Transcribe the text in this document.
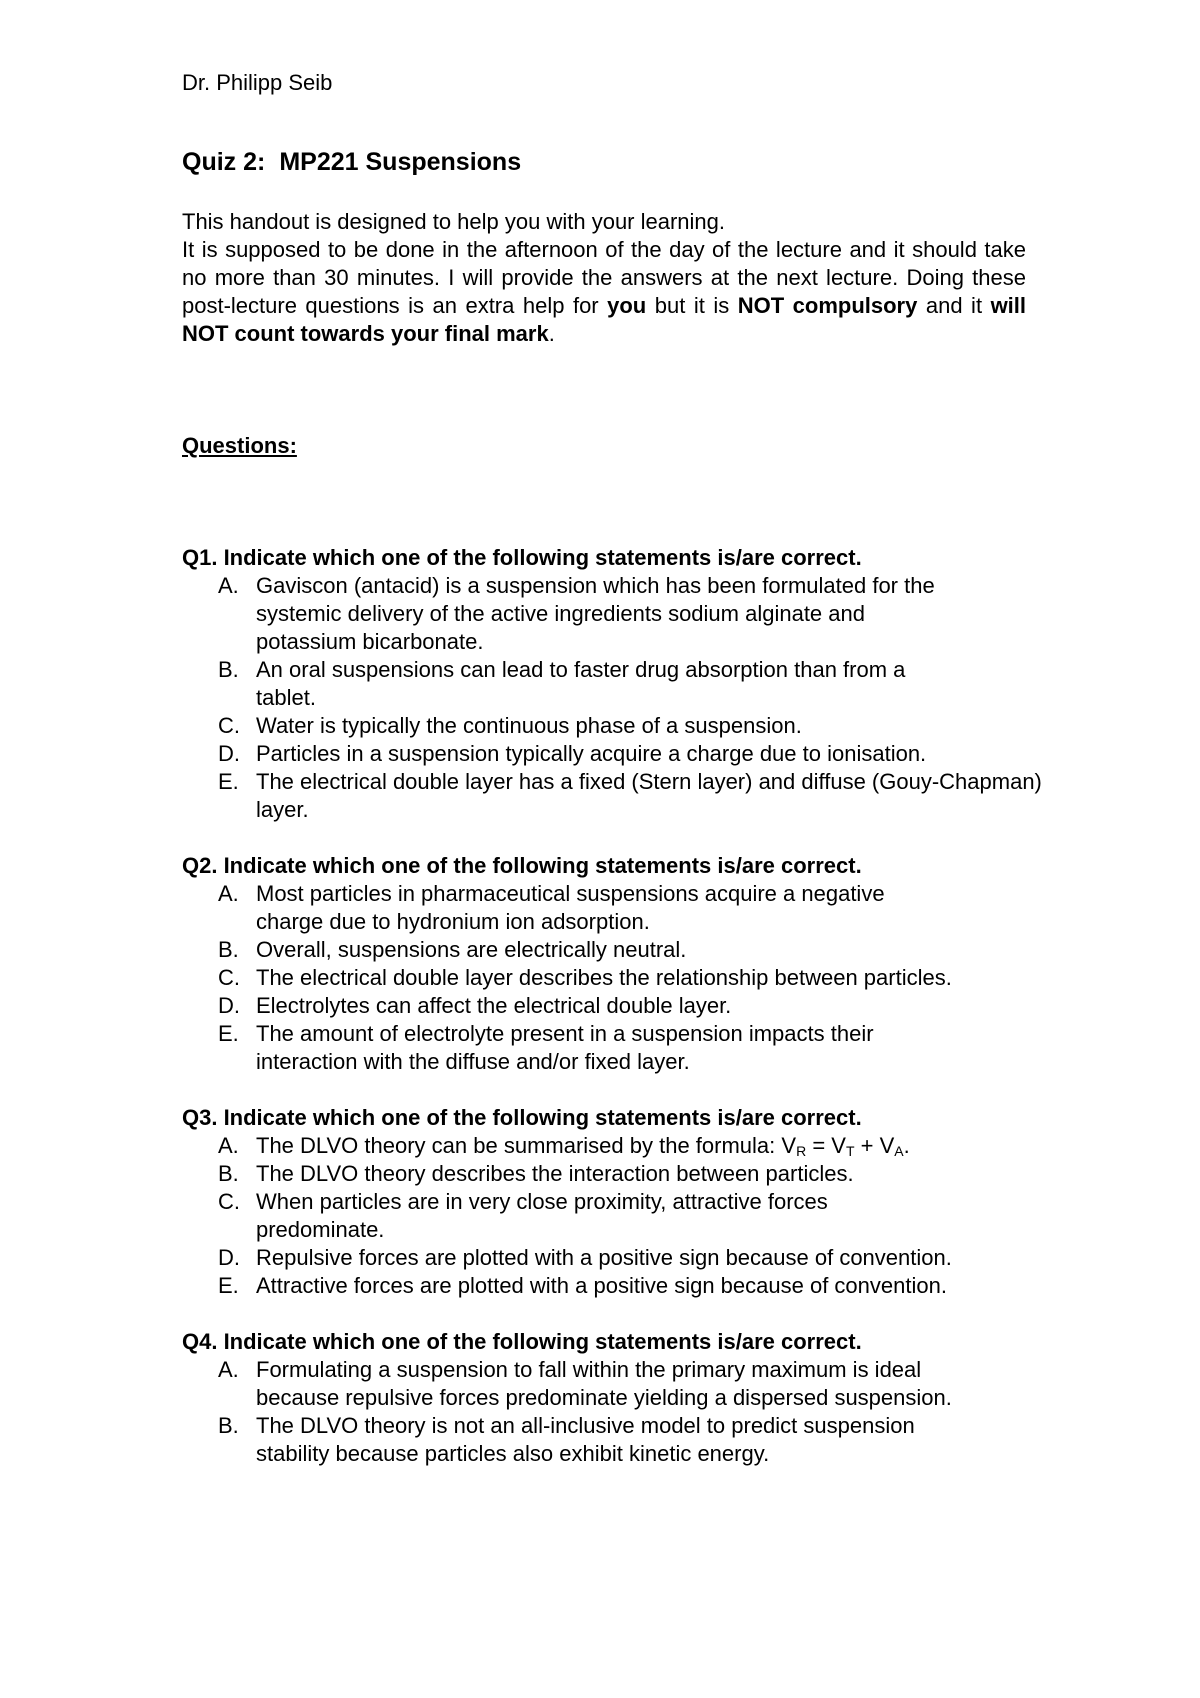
Dr. Philipp Seib
Quiz 2: MP221 Suspensions

This handout is designed to help you with your learning.

It is supposed to be done in the afternoon of the day of the lecture and it should take no more than 30 minutes. I will provide the answers at the next lecture. Doing these post-lecture questions is an extra help for you but it is NOT compulsory and it will NOT count towards your final mark.

Questions:
Q1. Indicate which one of the following statements is/are correct.
A. Gaviscon (antacid) is a suspension which has been formulated for the systemic delivery of the active ingredients sodium alginate and potassium bicarbonate.
B. An oral suspensions can lead to faster drug absorption than from a tablet.
C. Water is typically the continuous phase of a suspension.
D. Particles in a suspension typically acquire a charge due to ionisation.
E. The electrical double layer has a fixed (Stern layer) and diffuse (Gouy-Chapman) layer.
Q2. Indicate which one of the following statements is/are correct.
A. Most particles in pharmaceutical suspensions acquire a negative charge due to hydronium ion adsorption.
B. Overall, suspensions are electrically neutral.
C. The electrical double layer describes the relationship between particles.
D. Electrolytes can affect the electrical double layer.
E. The amount of electrolyte present in a suspension impacts their interaction with the diffuse and/or fixed layer.
Q3. Indicate which one of the following statements is/are correct.
A. The DLVO theory can be summarised by the formula: $V_R = V_T + V_A$.
B. The DLVO theory describes the interaction between particles.
C. When particles are in very close proximity, attractive forces predominate.
D. Repulsive forces are plotted with a positive sign because of convention.
E. Attractive forces are plotted with a positive sign because of convention.
Q4. Indicate which one of the following statements is/are correct.
A. Formulating a suspension to fall within the primary maximum is ideal because repulsive forces predominate yielding a dispersed suspension.
B. The DLVO theory is not an all-inclusive model to predict suspension stability because particles also exhibit kinetic energy.
